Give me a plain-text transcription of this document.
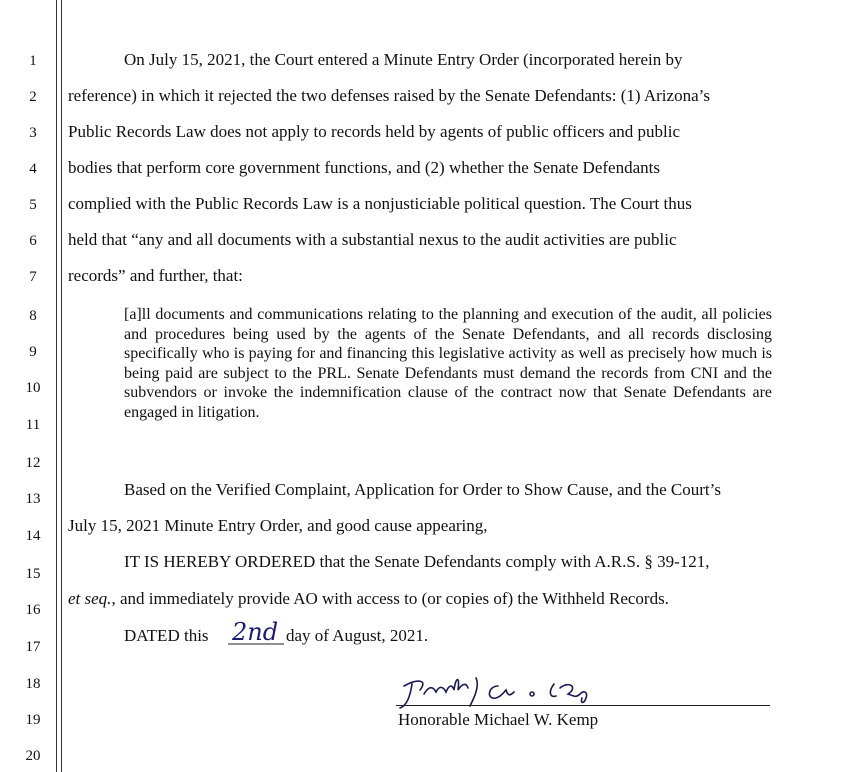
1
2
3
4
5
6
7
8
9
10
11
12
13
14
15
16
17
18
19
20
On July 15, 2021, the Court entered a Minute Entry Order (incorporated herein by
reference) in which it rejected the two defenses raised by the Senate Defendants: (1) Arizona’s
Public Records Law does not apply to records held by agents of public officers and public
bodies that perform core government functions, and (2) whether the Senate Defendants
complied with the Public Records Law is a nonjusticiable political question. The Court thus
held that “any and all documents with a substantial nexus to the audit activities are public
records” and further, that:
[a]ll documents and communications relating to the planning and execution of the audit, all policies and procedures being used by the agents of the Senate Defendants, and all records disclosing specifically who is paying for and financing this legislative activity as well as precisely how much is being paid are subject to the PRL. Senate Defendants must demand the records from CNI and the subvendors or invoke the indemnification clause of the contract now that Senate Defendants are engaged in litigation.
Based on the Verified Complaint, Application for Order to Show Cause, and the Court’s
July 15, 2021 Minute Entry Order, and good cause appearing,
IT IS HEREBY ORDERED that the Senate Defendants comply with A.R.S. § 39-121,
et seq., and immediately provide AO with access to (or copies of) the Withheld Records.
DATED this 2nd day of August, 2021.
Honorable Michael W. Kemp
